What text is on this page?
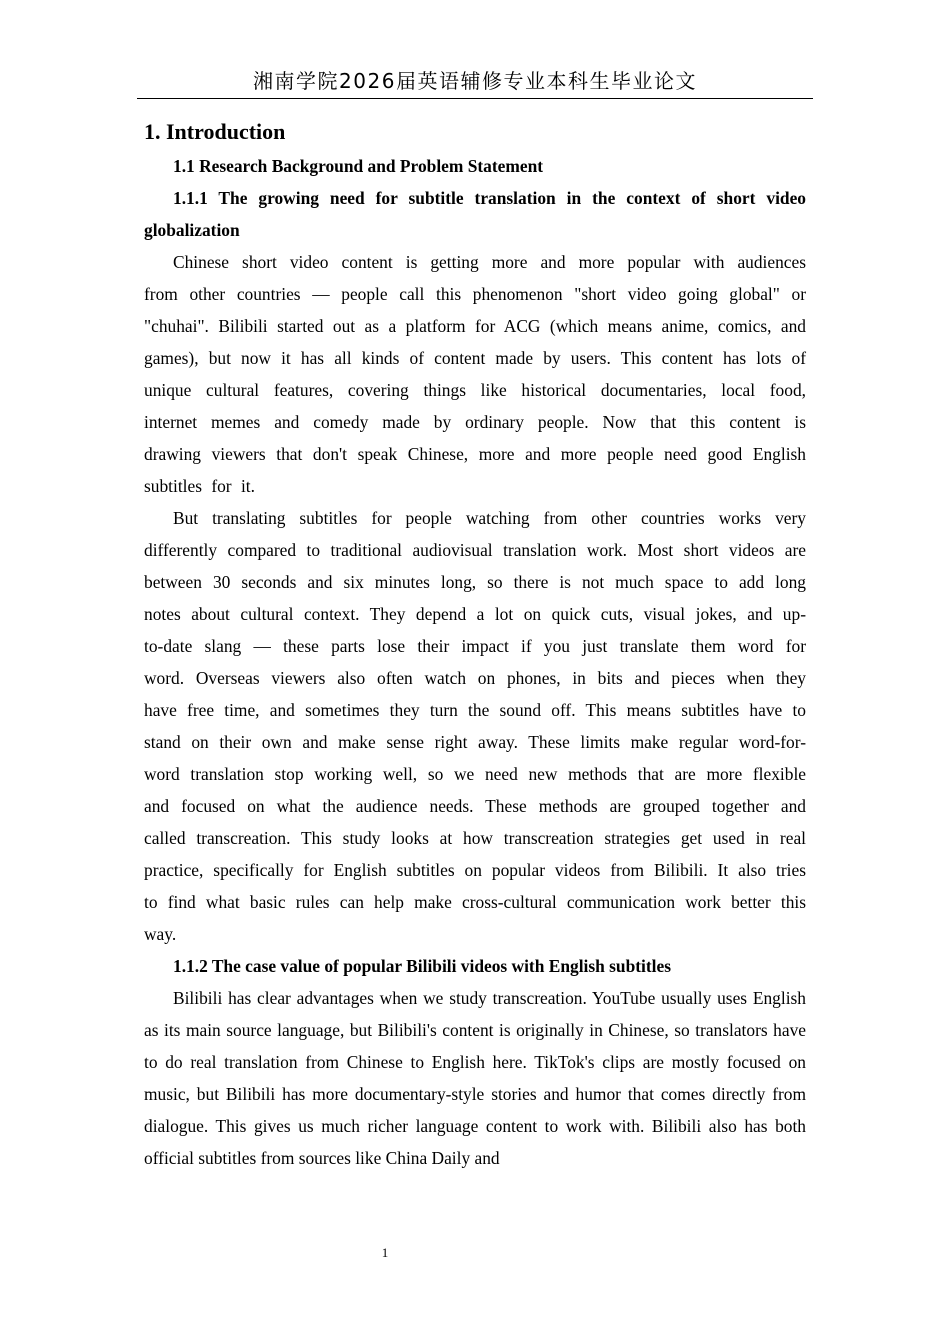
湘南学院2026届英语辅修专业本科生毕业论文
1. Introduction
1.1 Research Background and Problem Statement
1.1.1 The growing need for subtitle translation in the context of short video globalization

Chinese short video content is getting more and more popular with audiences from other countries — people call this phenomenon "short video going global" or "chuhai". Bilibili started out as a platform for ACG (which means anime, comics, and games), but now it has all kinds of content made by users. This content has lots of unique cultural features, covering things like historical documentaries, local food, internet memes and comedy made by ordinary people. Now that this content is drawing viewers that don't speak Chinese, more and more people need good English subtitles for it.

But translating subtitles for people watching from other countries works very differently compared to traditional audiovisual translation work. Most short videos are between 30 seconds and six minutes long, so there is not much space to add long notes about cultural context. They depend a lot on quick cuts, visual jokes, and up-to-date slang — these parts lose their impact if you just translate them word for word. Overseas viewers also often watch on phones, in bits and pieces when they have free time, and sometimes they turn the sound off. This means subtitles have to stand on their own and make sense right away. These limits make regular word-for-word translation stop working well, so we need new methods that are more flexible and focused on what the audience needs. These methods are grouped together and called transcreation. This study looks at how transcreation strategies get used in real practice, specifically for English subtitles on popular videos from Bilibili. It also tries to find what basic rules can help make cross-cultural communication work better this way.

1.1.2 The case value of popular Bilibili videos with English subtitles

Bilibili has clear advantages when we study transcreation. YouTube usually uses English as its main source language, but Bilibili's content is originally in Chinese, so translators have to do real translation from Chinese to English here. TikTok's clips are mostly focused on music, but Bilibili has more documentary-style stories and humor that comes directly from dialogue. This gives us much richer language content to work with. Bilibili also has both official subtitles from sources like China Daily and

1
